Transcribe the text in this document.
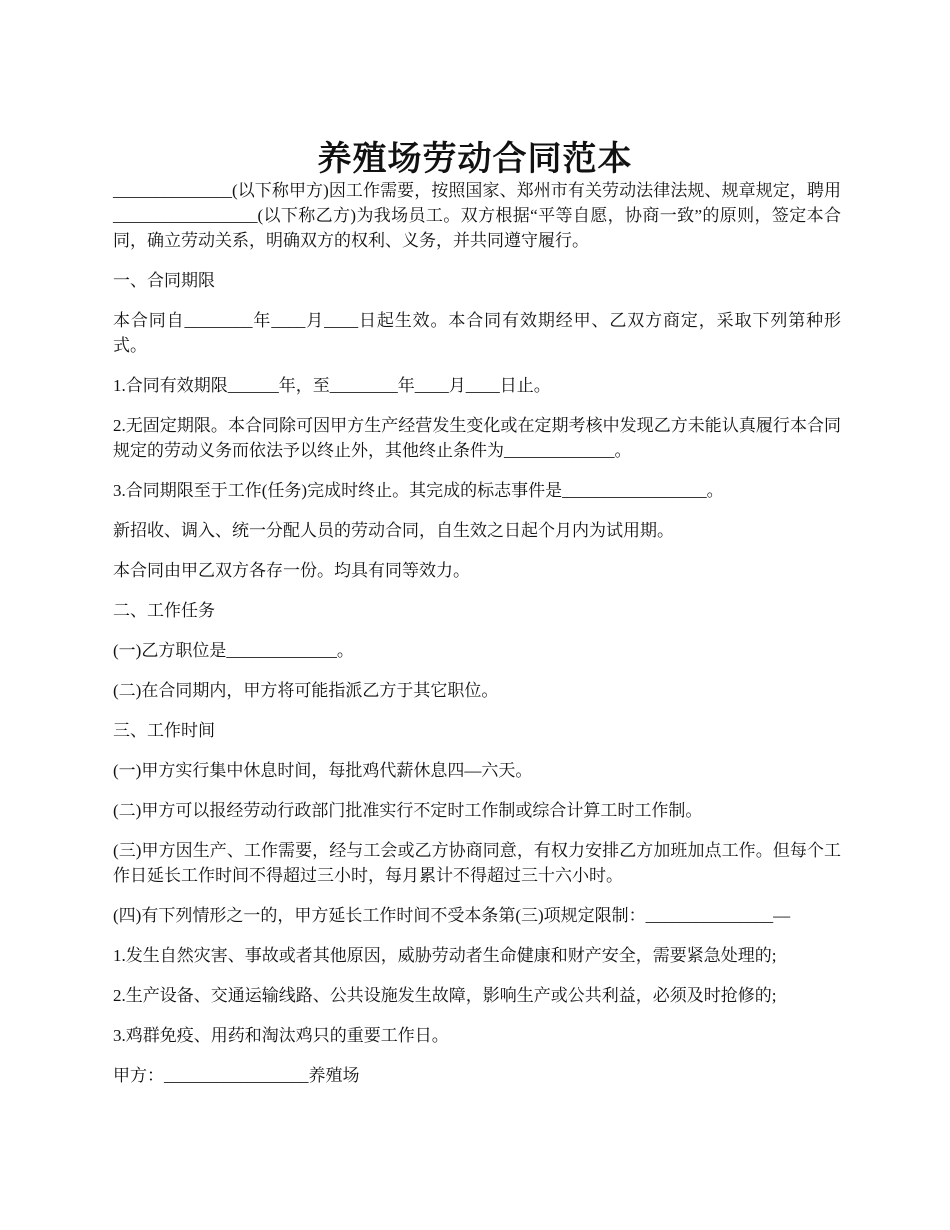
养殖场劳动合同范本

______________(以下称甲方)因工作需要，按照国家、郑州市有关劳动法律法规、规章规定，聘用_________________(以下称乙方)为我场员工。双方根据“平等自愿，协商一致”的原则，签定本合同，确立劳动关系，明确双方的权利、义务，并共同遵守履行。

一、合同期限

本合同自________年____月____日起生效。本合同有效期经甲、乙双方商定，采取下列第种形式。

1.合同有效期限______年，至________年____月____日止。

2.无固定期限。本合同除可因甲方生产经营发生变化或在定期考核中发现乙方未能认真履行本合同规定的劳动义务而依法予以终止外，其他终止条件为_____________。

3.合同期限至于工作(任务)完成时终止。其完成的标志事件是_________________。

新招收、调入、统一分配人员的劳动合同，自生效之日起个月内为试用期。

本合同由甲乙双方各存一份。均具有同等效力。

二、工作任务

(一)乙方职位是_____________。

(二)在合同期内，甲方将可能指派乙方于其它职位。

三、工作时间

(一)甲方实行集中休息时间，每批鸡代薪休息四—六天。

(二)甲方可以报经劳动行政部门批准实行不定时工作制或综合计算工时工作制。

(三)甲方因生产、工作需要，经与工会或乙方协商同意，有权力安排乙方加班加点工作。但每个工作日延长工作时间不得超过三小时，每月累计不得超过三十六小时。

(四)有下列情形之一的，甲方延长工作时间不受本条第(三)项规定限制：_______________—

1.发生自然灾害、事故或者其他原因，威胁劳动者生命健康和财产安全，需要紧急处理的;

2.生产设备、交通运输线路、公共设施发生故障，影响生产或公共利益，必须及时抢修的;

3.鸡群免疫、用药和淘汰鸡只的重要工作日。

甲方：_________________养殖场
